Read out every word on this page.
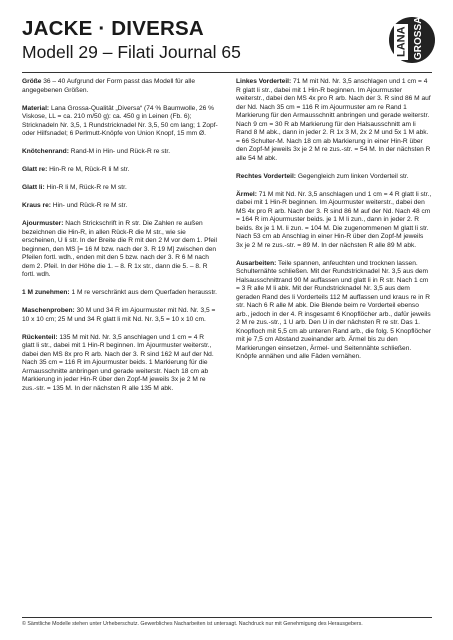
JACKE · DIVERSA
Modell 29 – Filati Journal 65	LANA GROSSA

Größe 36 – 40 Aufgrund der Form passt das Modell für alle angegebenen Größen.

Material: Lana Grossa-Qualität „Diversa“ (74 % Baumwolle, 26 % Viskose, LL = ca. 210 m/50 g): ca. 450 g in Leinen (Fb. 6); Stricknadeln Nr. 3,5, 1 Rundstricknadel Nr. 3,5, 50 cm lang; 1 Zopf- oder Hilfsnadel; 6 Perlmutt-Knöpfe von Union Knopf, 15 mm Ø.

Knötchenrand: Rand-M in Hin- und Rück-R re str.

Glatt re: Hin-R re M, Rück-R li M str.

Glatt li: Hin-R li M, Rück-R re M str.

Kraus re: Hin- und Rück-R re M str.

Ajourmuster: Nach Strickschrift in R str. Die Zahlen re außen bezeichnen die Hin-R, in allen Rück-R die M str., wie sie erscheinen, U li str. In der Breite die R mit den 2 M vor dem 1. Pfeil beginnen, den MS [= 16 M bzw. nach der 3. R 19 M] zwischen den Pfeilen fortl. wdh., enden mit den 5 bzw. nach der 3. R 6 M nach dem 2. Pfeil. In der Höhe die 1. – 8. R 1x str., dann die 5. – 8. R fortl. wdh.

1 M zunehmen: 1 M re verschränkt aus dem Querfaden herausstr.

Maschenproben: 30 M und 34 R im Ajourmuster mit Nd. Nr. 3,5 = 10 x 10 cm; 25 M und 34 R glatt li mit Nd. Nr. 3,5 = 10 x 10 cm.

Rückenteil: 135 M mit Nd. Nr. 3,5 anschlagen und 1 cm = 4 R glatt li str., dabei mit 1 Hin-R beginnen. Im Ajourmuster weiterstr., dabei den MS 8x pro R arb. Nach der 3. R sind 162 M auf der Nd. Nach 35 cm = 116 R im Ajourmuster beids. 1 Markierung für die Armausschnitte anbringen und gerade weiterstr. Nach 18 cm ab Markierung in jeder Hin-R über den Zopf-M jeweils 3x je 2 M re zus.-str. = 135 M. In der nächsten R alle 135 M abk.

Linkes Vorderteil: 71 M mit Nd. Nr. 3,5 anschlagen und 1 cm = 4 R glatt li str., dabei mit 1 Hin-R beginnen. Im Ajourmuster weiterstr., dabei den MS 4x pro R arb. Nach der 3. R sind 86 M auf der Nd. Nach 35 cm = 116 R im Ajourmuster am re Rand 1 Markierung für den Armausschnitt anbringen und gerade weiterstr. Nach 9 cm = 30 R ab Markierung für den Halsausschnitt am li Rand 8 M abk., dann in jeder 2. R 1x 3 M, 2x 2 M und 5x 1 M abk. = 66 Schulter-M. Nach 18 cm ab Markierung in einer Hin-R über den Zopf-M jeweils 3x je 2 M re zus.-str. = 54 M. In der nächsten R alle 54 M abk.

Rechtes Vorderteil: Gegengleich zum linken Vorderteil str.

Ärmel: 71 M mit Nd. Nr. 3,5 anschlagen und 1 cm = 4 R glatt li str., dabei mit 1 Hin-R beginnen. Im Ajourmuster weiterstr., dabei den MS 4x pro R arb. Nach der 3. R sind 86 M auf der Nd. Nach 48 cm = 164 R im Ajourmuster beids. je 1 M li zun., dann in jeder 2. R beids. 8x je 1 M. li zun. = 104 M. Die zugenommenen M glatt li str. Nach 53 cm ab Anschlag in einer Hin-R über den Zopf-M jeweils 3x je 2 M re zus.-str. = 89 M. In der nächsten R alle 89 M abk.

Ausarbeiten: Teile spannen, anfeuchten und trocknen lassen. Schulternähte schließen. Mit der Rundstricknadel Nr. 3,5 aus dem Halsausschnittrand 90 M auffassen und glatt li in R str. Nach 1 cm = 3 R alle M li abk. Mit der Rundstricknadel Nr. 3,5 aus dem geraden Rand des li Vorderteils 112 M auffassen und kraus re in R str. Nach 6 R alle M abk. Die Blende beim re Vorderteil ebenso arb., jedoch in der 4. R insgesamt 6 Knopflöcher arb., dafür jeweils 2 M re zus.-str., 1 U arb. Den U in der nächsten R re str. Das 1. Knopfloch mit 5,5 cm ab unteren Rand arb., die folg. 5 Knopflöcher mit je 7,5 cm Abstand zueinander arb. Ärmel bis zu den Markierungen einsetzen, Ärmel- und Seitennähte schließen. Knöpfe annähen und alle Fäden vernähen.

© Sämtliche Modelle stehen unter Urheberschutz. Gewerbliches Nacharbeiten ist untersagt. Nachdruck nur mit Genehmigung des Herausgebers.
